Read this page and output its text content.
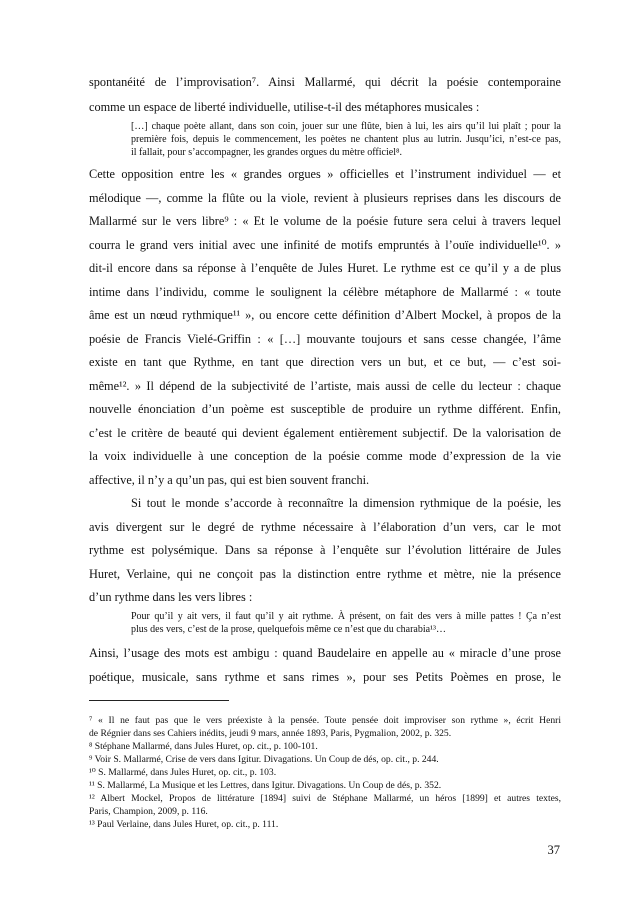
spontanéité de l’improvisation⁷. Ainsi Mallarmé, qui décrit la poésie contemporaine
comme un espace de liberté individuelle, utilise-t-il des métaphores musicales :
[…] chaque poète allant, dans son coin, jouer sur une flûte, bien à lui, les airs qu’il lui plaît ; pour la
première fois, depuis le commencement, les poètes ne chantent plus au lutrin. Jusqu’ici, n’est-ce pas,
il fallait, pour s’accompagner, les grandes orgues du mètre officiel⁸.
Cette opposition entre les « grandes orgues » officielles et l’instrument individuel — et
mélodique —, comme la flûte ou la viole, revient à plusieurs reprises dans les discours de
Mallarmé sur le vers libre⁹ : « Et le volume de la poésie future sera celui à travers lequel
courra le grand vers initial avec une infinité de motifs empruntés à l’ouïe individuelle¹⁰. »
dit-il encore dans sa réponse à l’enquête de Jules Huret. Le rythme est ce qu’il y a de plus
intime dans l’individu, comme le soulignent la célèbre métaphore de Mallarmé : « toute
âme est un nœud rythmique¹¹ », ou encore cette définition d’Albert Mockel, à propos de la
poésie de Francis Vielé-Griffin : « […] mouvante toujours et sans cesse changée, l’âme
existe en tant que Rythme, en tant que direction vers un but, et ce but, — c’est soi-
même¹². » Il dépend de la subjectivité de l’artiste, mais aussi de celle du lecteur : chaque
nouvelle énonciation d’un poème est susceptible de produire un rythme différent. Enfin,
c’est le critère de beauté qui devient également entièrement subjectif. De la valorisation de
la voix individuelle à une conception de la poésie comme mode d’expression de la vie
affective, il n’y a qu’un pas, qui est bien souvent franchi.
Si tout le monde s’accorde à reconnaître la dimension rythmique de la poésie, les
avis divergent sur le degré de rythme nécessaire à l’élaboration d’un vers, car le mot
rythme est polysémique. Dans sa réponse à l’enquête sur l’évolution littéraire de Jules
Huret, Verlaine, qui ne conçoit pas la distinction entre rythme et mètre, nie la présence
d’un rythme dans les vers libres :
Pour qu’il y ait vers, il faut qu’il y ait rythme. À présent, on fait des vers à mille pattes ! Ça n’est
plus des vers, c’est de la prose, quelquefois même ce n’est que du charabia¹³…
Ainsi, l’usage des mots est ambigu : quand Baudelaire en appelle au « miracle d’une prose
poétique, musicale, sans rythme et sans rimes », pour ses Petits Poèmes en prose, le
⁷ « Il ne faut pas que le vers préexiste à la pensée. Toute pensée doit improviser son rythme », écrit Henri
de Régnier dans ses Cahiers inédits, jeudi 9 mars, année 1893, Paris, Pygmalion, 2002, p. 325.
⁸ Stéphane Mallarmé, dans Jules Huret, op. cit., p. 100-101.
⁹ Voir S. Mallarmé, Crise de vers dans Igitur. Divagations. Un Coup de dés, op. cit., p. 244.
¹⁰ S. Mallarmé, dans Jules Huret, op. cit., p. 103.
¹¹ S. Mallarmé, La Musique et les Lettres, dans Igitur. Divagations. Un Coup de dés, p. 352.
¹² Albert Mockel, Propos de littérature [1894] suivi de Stéphane Mallarmé, un héros [1899] et autres textes,
Paris, Champion, 2009, p. 116.
¹³ Paul Verlaine, dans Jules Huret, op. cit., p. 111.
37
